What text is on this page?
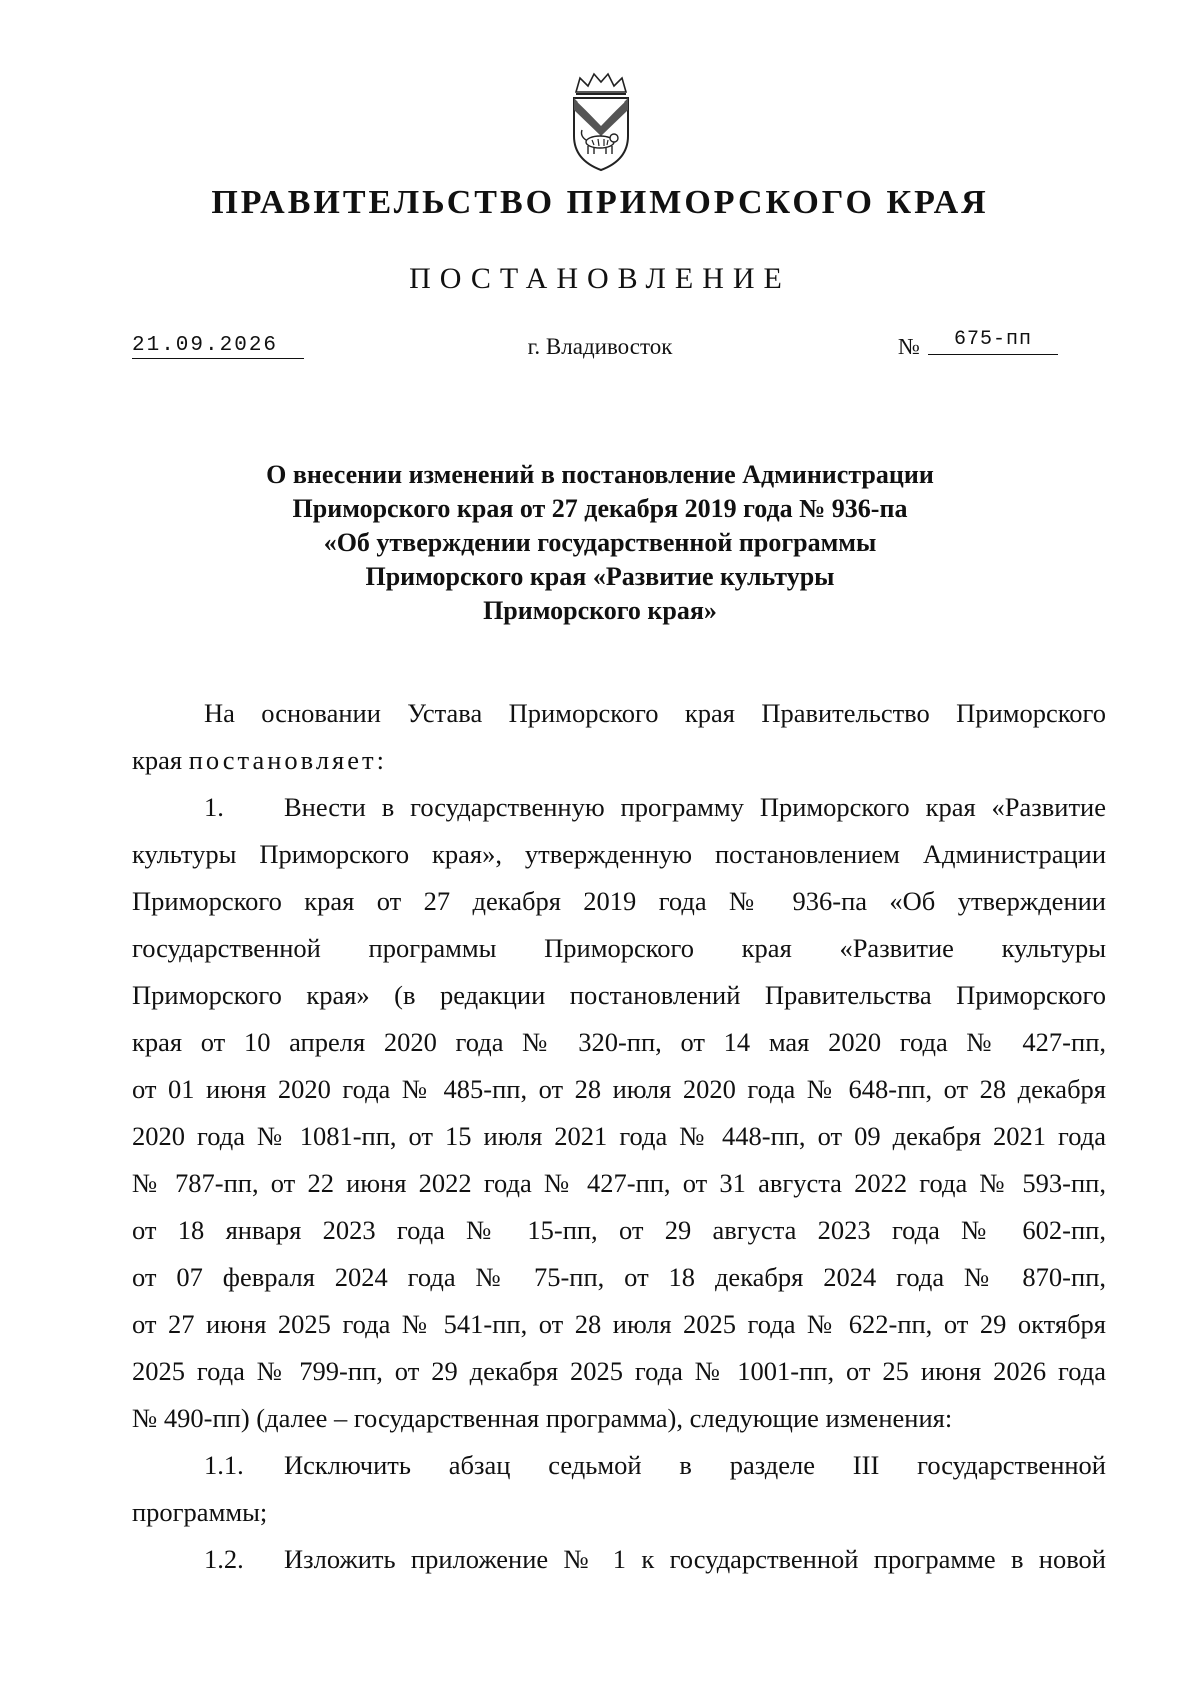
ПРАВИТЕЛЬСТВО ПРИМОРСКОГО КРАЯ
ПОСТАНОВЛЕНИЕ
21.09.2026	г. Владивосток	№	675-пп
О внесении изменений в постановление Администрации
Приморского края от 27 декабря 2019 года № 936-па
«Об утверждении государственной программы
Приморского края «Развитие культуры
Приморского края»
На основании Устава Приморского края Правительство Приморского
края постановляет:
1. Внести в государственную программу Приморского края «Развитие
культуры Приморского края», утвержденную постановлением Администрации
Приморского края от 27 декабря 2019 года № 936-па «Об утверждении
государственной программы Приморского края «Развитие культуры
Приморского края» (в редакции постановлений Правительства Приморского
края от 10 апреля 2020 года № 320-пп, от 14 мая 2020 года № 427-пп,
от 01 июня 2020 года № 485-пп, от 28 июля 2020 года № 648-пп, от 28 декабря
2020 года № 1081-пп, от 15 июля 2021 года № 448-пп, от 09 декабря 2021 года
№ 787-пп, от 22 июня 2022 года № 427-пп, от 31 августа 2022 года № 593-пп,
от 18 января 2023 года № 15-пп, от 29 августа 2023 года № 602-пп,
от 07 февраля 2024 года № 75-пп, от 18 декабря 2024 года № 870-пп,
от 27 июня 2025 года № 541-пп, от 28 июля 2025 года № 622-пп, от 29 октября
2025 года № 799-пп, от 29 декабря 2025 года № 1001-пп, от 25 июня 2026 года
№ 490-пп) (далее – государственная программа), следующие изменения:
1.1. Исключить абзац седьмой в разделе III государственной
программы;
1.2. Изложить приложение № 1 к государственной программе в новой
